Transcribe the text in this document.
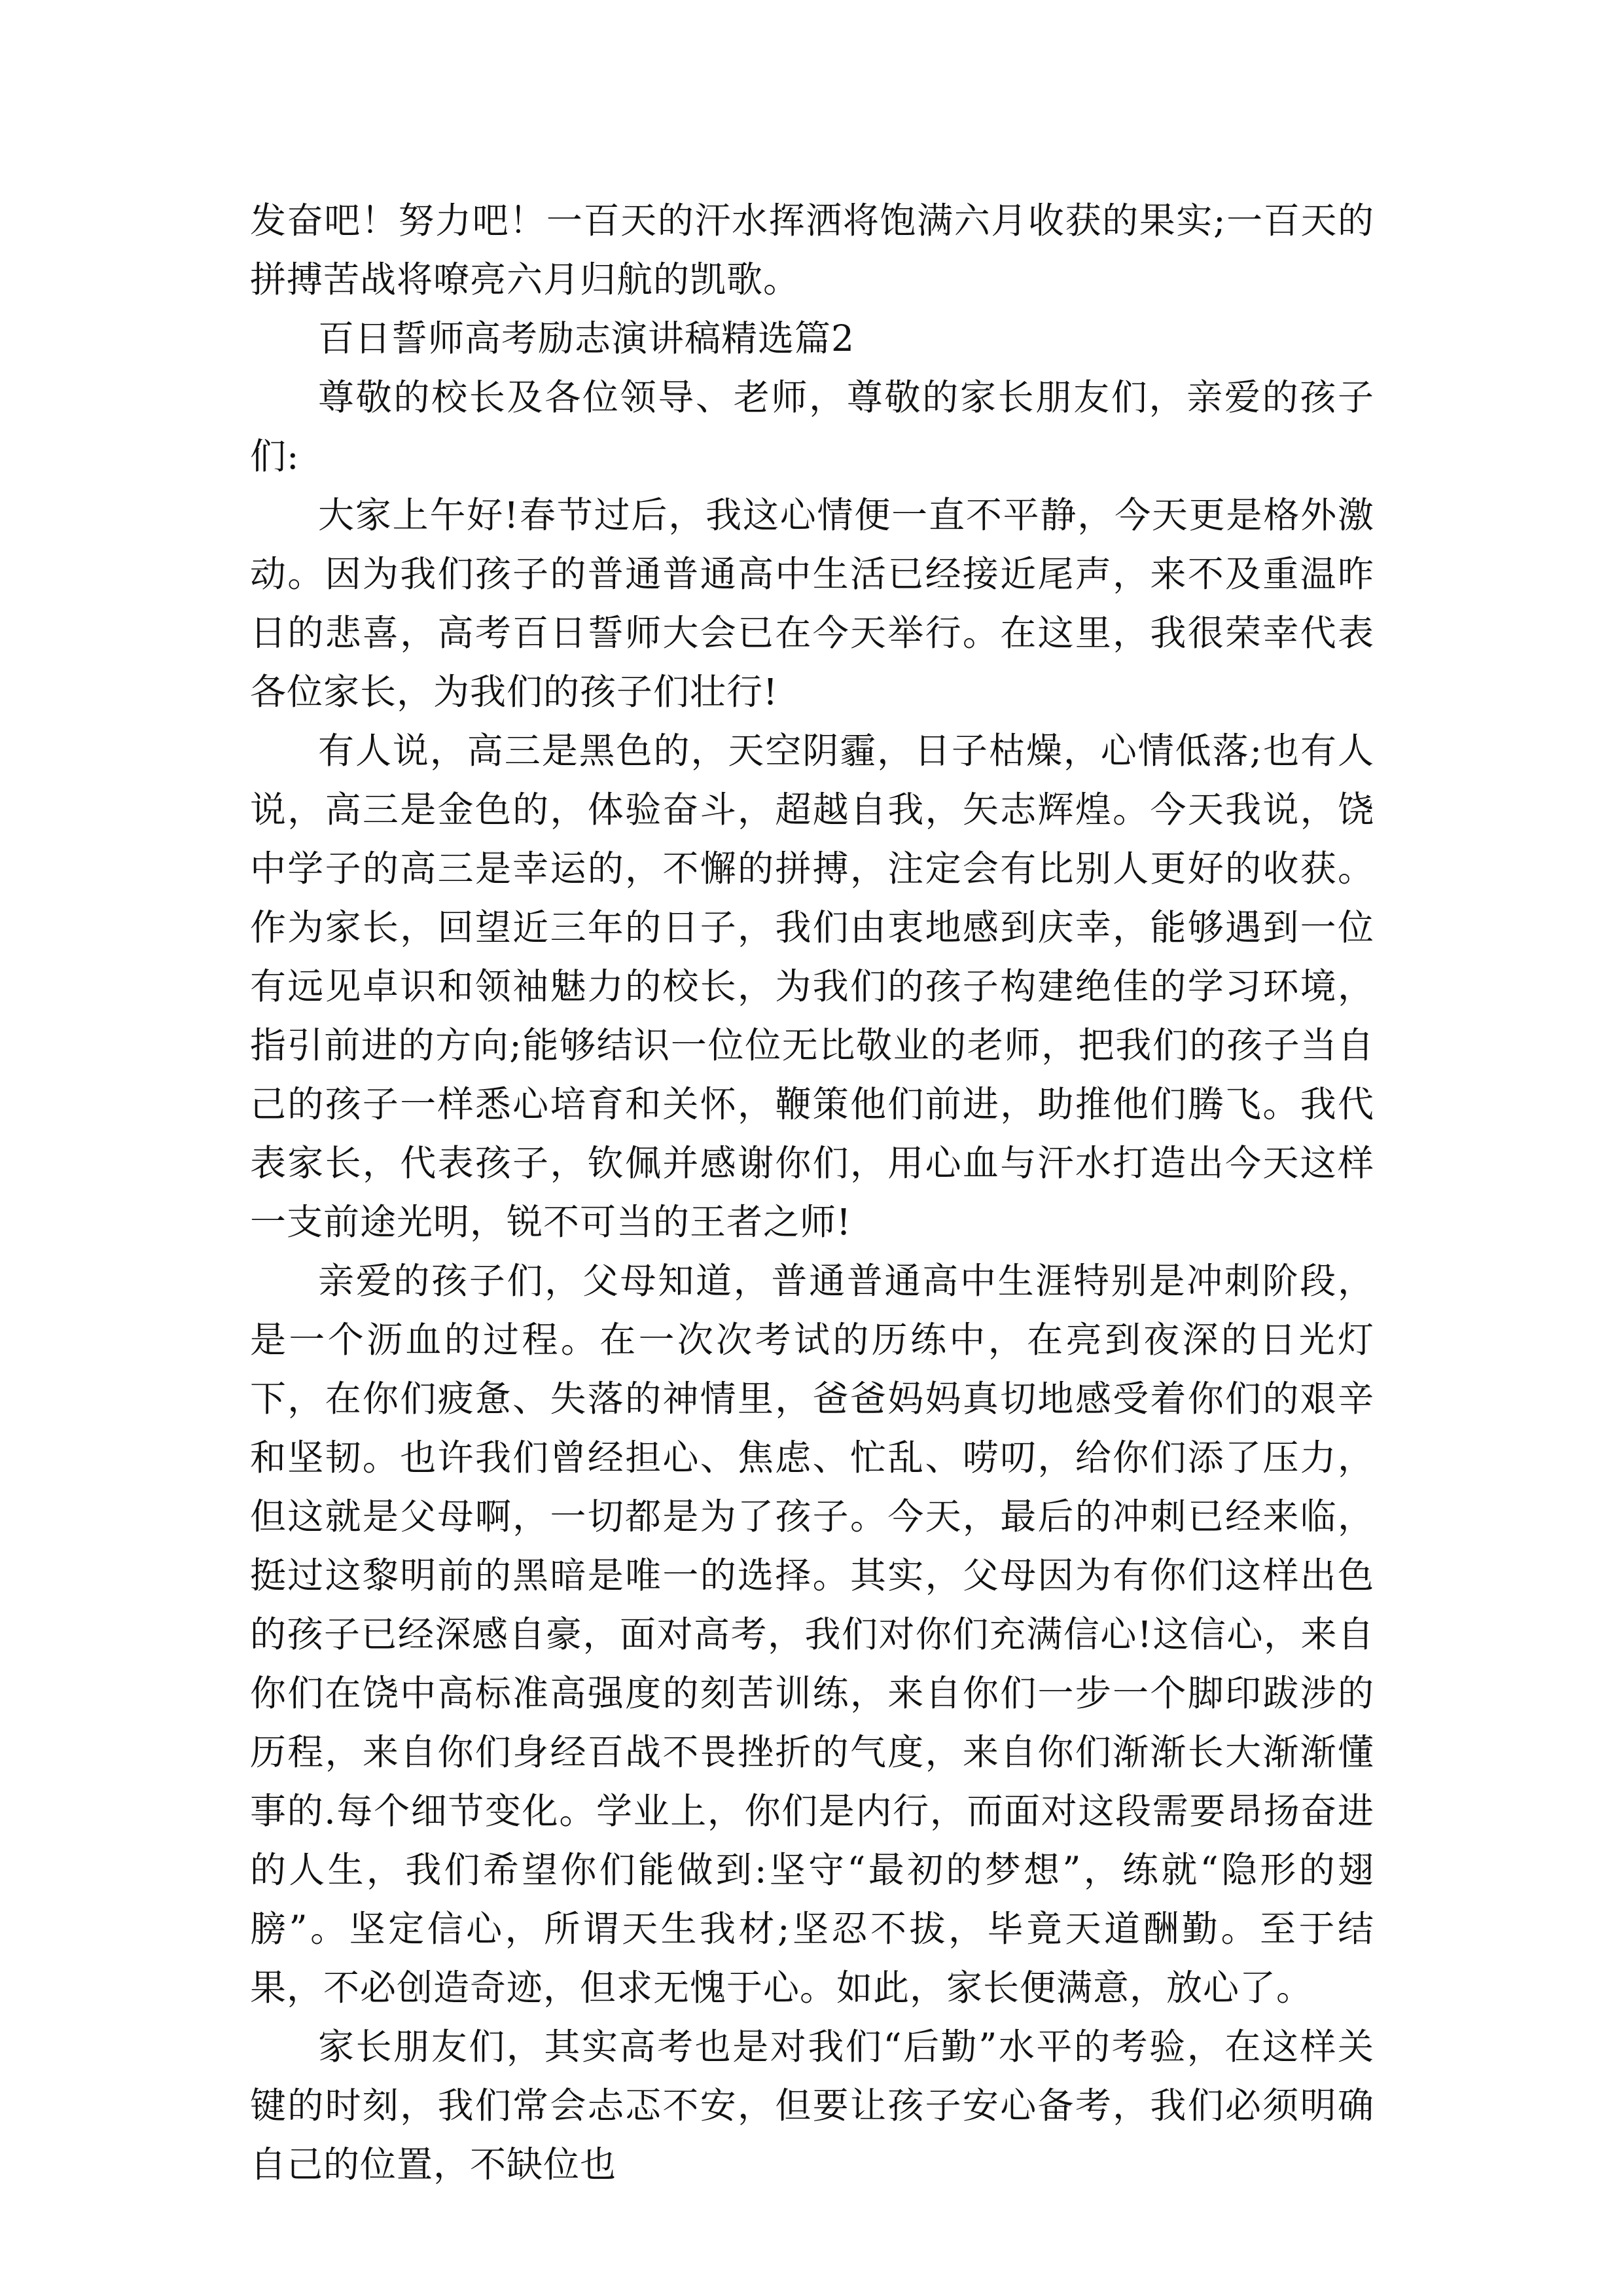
发奋吧！努力吧！一百天的汗水挥洒将饱满六月收获的果实;一百天的拼搏苦战将嘹亮六月归航的凯歌。

百日誓师高考励志演讲稿精选篇2

尊敬的校长及各位领导、老师，尊敬的家长朋友们，亲爱的孩子们:

大家上午好!春节过后，我这心情便一直不平静，今天更是格外激动。因为我们孩子的普通普通高中生活已经接近尾声，来不及重温昨日的悲喜，高考百日誓师大会已在今天举行。在这里，我很荣幸代表各位家长，为我们的孩子们壮行!

有人说，高三是黑色的，天空阴霾，日子枯燥，心情低落;也有人说，高三是金色的，体验奋斗，超越自我，矢志辉煌。今天我说，饶中学子的高三是幸运的，不懈的拼搏，注定会有比别人更好的收获。作为家长，回望近三年的日子，我们由衷地感到庆幸，能够遇到一位有远见卓识和领袖魅力的校长，为我们的孩子构建绝佳的学习环境，指引前进的方向;能够结识一位位无比敬业的老师，把我们的孩子当自己的孩子一样悉心培育和关怀，鞭策他们前进，助推他们腾飞。我代表家长，代表孩子，钦佩并感谢你们，用心血与汗水打造出今天这样一支前途光明，锐不可当的王者之师!

亲爱的孩子们，父母知道，普通普通高中生涯特别是冲刺阶段，是一个沥血的过程。在一次次考试的历练中，在亮到夜深的日光灯下，在你们疲惫、失落的神情里，爸爸妈妈真切地感受着你们的艰辛和坚韧。也许我们曾经担心、焦虑、忙乱、唠叨，给你们添了压力，但这就是父母啊，一切都是为了孩子。今天，最后的冲刺已经来临，挺过这黎明前的黑暗是唯一的选择。其实，父母因为有你们这样出色的孩子已经深感自豪，面对高考，我们对你们充满信心!这信心，来自你们在饶中高标准高强度的刻苦训练，来自你们一步一个脚印跋涉的历程，来自你们身经百战不畏挫折的气度，来自你们渐渐长大渐渐懂事的.每个细节变化。学业上，你们是内行，而面对这段需要昂扬奋进的人生，我们希望你们能做到:坚守“最初的梦想”，练就“隐形的翅膀”。坚定信心，所谓天生我材;坚忍不拔，毕竟天道酬勤。至于结果，不必创造奇迹，但求无愧于心。如此，家长便满意，放心了。

家长朋友们，其实高考也是对我们“后勤”水平的考验，在这样关键的时刻，我们常会忐忑不安，但要让孩子安心备考，我们必须明确自己的位置，不缺位也
